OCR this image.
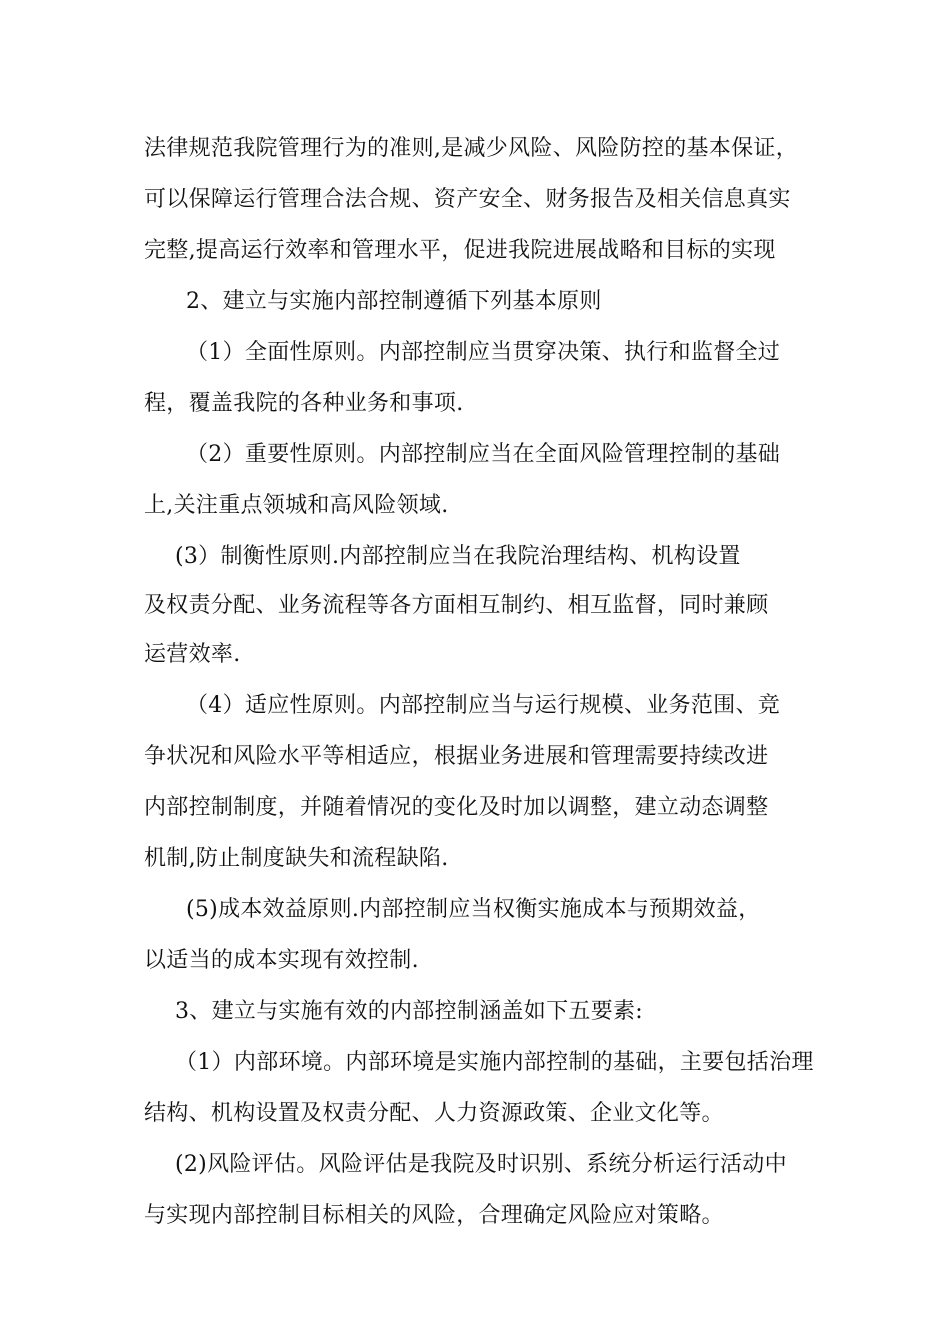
法律规范我院管理行为的准则,是减少风险、风险防控的基本保证，
可以保障运行管理合法合规、资产安全、财务报告及相关信息真实
完整,提高运行效率和管理水平，促进我院进展战略和目标的实现
2、建立与实施内部控制遵循下列基本原则
（1）全面性原则。内部控制应当贯穿决策、执行和监督全过
程，覆盖我院的各种业务和事项.
（2）重要性原则。内部控制应当在全面风险管理控制的基础
上,关注重点领城和高风险领域.
(3）制衡性原则.内部控制应当在我院治理结构、机构设置
及权责分配、业务流程等各方面相互制约、相互监督，同时兼顾
运营效率.
（4）适应性原则。内部控制应当与运行规模、业务范围、竞
争状况和风险水平等相适应，根据业务进展和管理需要持续改进
内部控制制度，并随着情况的变化及时加以调整，建立动态调整
机制,防止制度缺失和流程缺陷.
(5)成本效益原则.内部控制应当权衡实施成本与预期效益，
以适当的成本实现有效控制.
3、建立与实施有效的内部控制涵盖如下五要素:
（1）内部环境。内部环境是实施内部控制的基础，主要包括治理
结构、机构设置及权责分配、人力资源政策、企业文化等。
(2)风险评估。风险评估是我院及时识别、系统分析运行活动中
与实现内部控制目标相关的风险，合理确定风险应对策略。
